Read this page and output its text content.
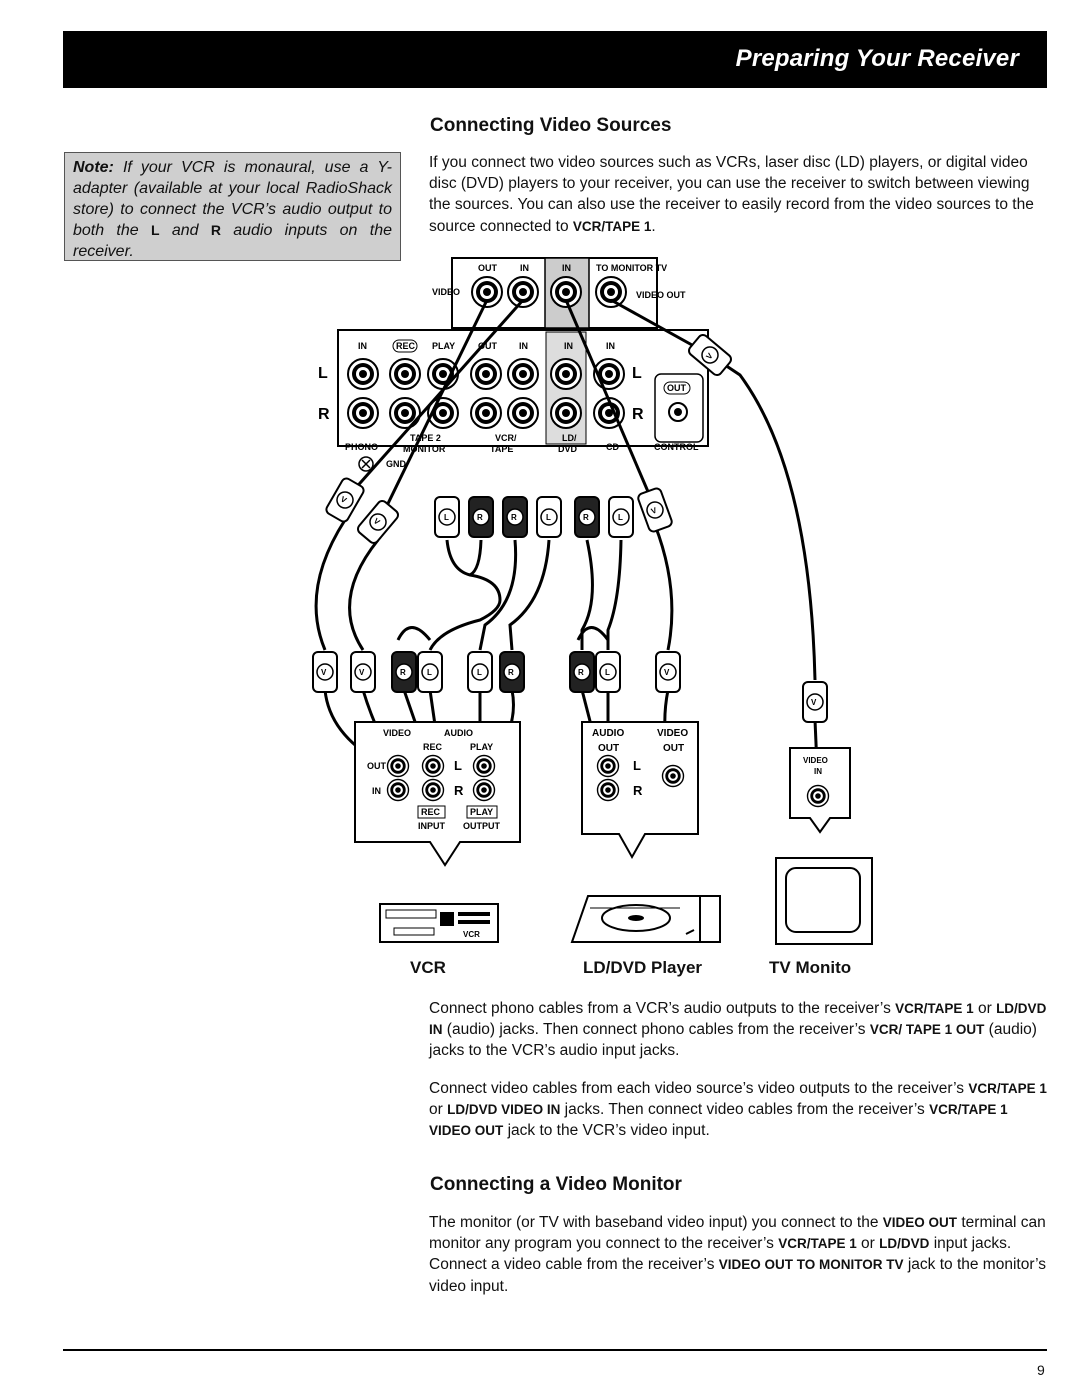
Preparing Your Receiver
Note: If your VCR is monaural, use a Y-adapter (available at your local RadioShack store) to connect the VCR’s audio output to both the L and R audio inputs on the receiver.
Connecting Video Sources
If you connect two video sources such as VCRs, laser disc (LD) players, or digital video disc (DVD) players to your receiver, you can use the receiver to switch between viewing the sources. You can also use the receiver to easily record from the video sources to the source connected to VCR/TAPE 1.
OUT	IN	IN	TO MONITOR TV
VIDEO	VIDEO OUT
IN	REC PLAY	OUT IN	IN	IN
L
R
L
R
OUT
PHONO
TAPE 2
MONITOR
VCR/
TAPE
LD/
DVD	CD	CONTROL
GND
V
V
V	L	R	R	L	R	L
V
V	V	R	L	L	R	R	L	V
V
VIDEO	AUDIO
REC	PLAY
OUT
IN
L
R
REC	PLAY
INPUT OUTPUT
AUDIO	VIDEO
OUT	OUT
L
R
VIDEO
IN
VCR
VCR	LD/DVD Player	TV Monito
Connect phono cables from a VCR’s audio outputs to the receiver’s VCR/TAPE 1 or LD/DVD IN (audio) jacks. Then connect phono cables from the receiver’s VCR/ TAPE 1 OUT (audio) jacks to the VCR’s audio input jacks.
Connect video cables from each video source’s video outputs to the receiver’s VCR/TAPE 1 or LD/DVD VIDEO IN jacks. Then connect video cables from the receiver’s VCR/TAPE 1 VIDEO OUT jack to the VCR’s video input.
Connecting a Video Monitor
The monitor (or TV with baseband video input) you connect to the VIDEO OUT terminal can monitor any program you connect to the receiver’s VCR/TAPE 1 or LD/DVD input jacks. Connect a video cable from the receiver’s VIDEO OUT TO MONITOR TV jack to the monitor’s video input.
9
